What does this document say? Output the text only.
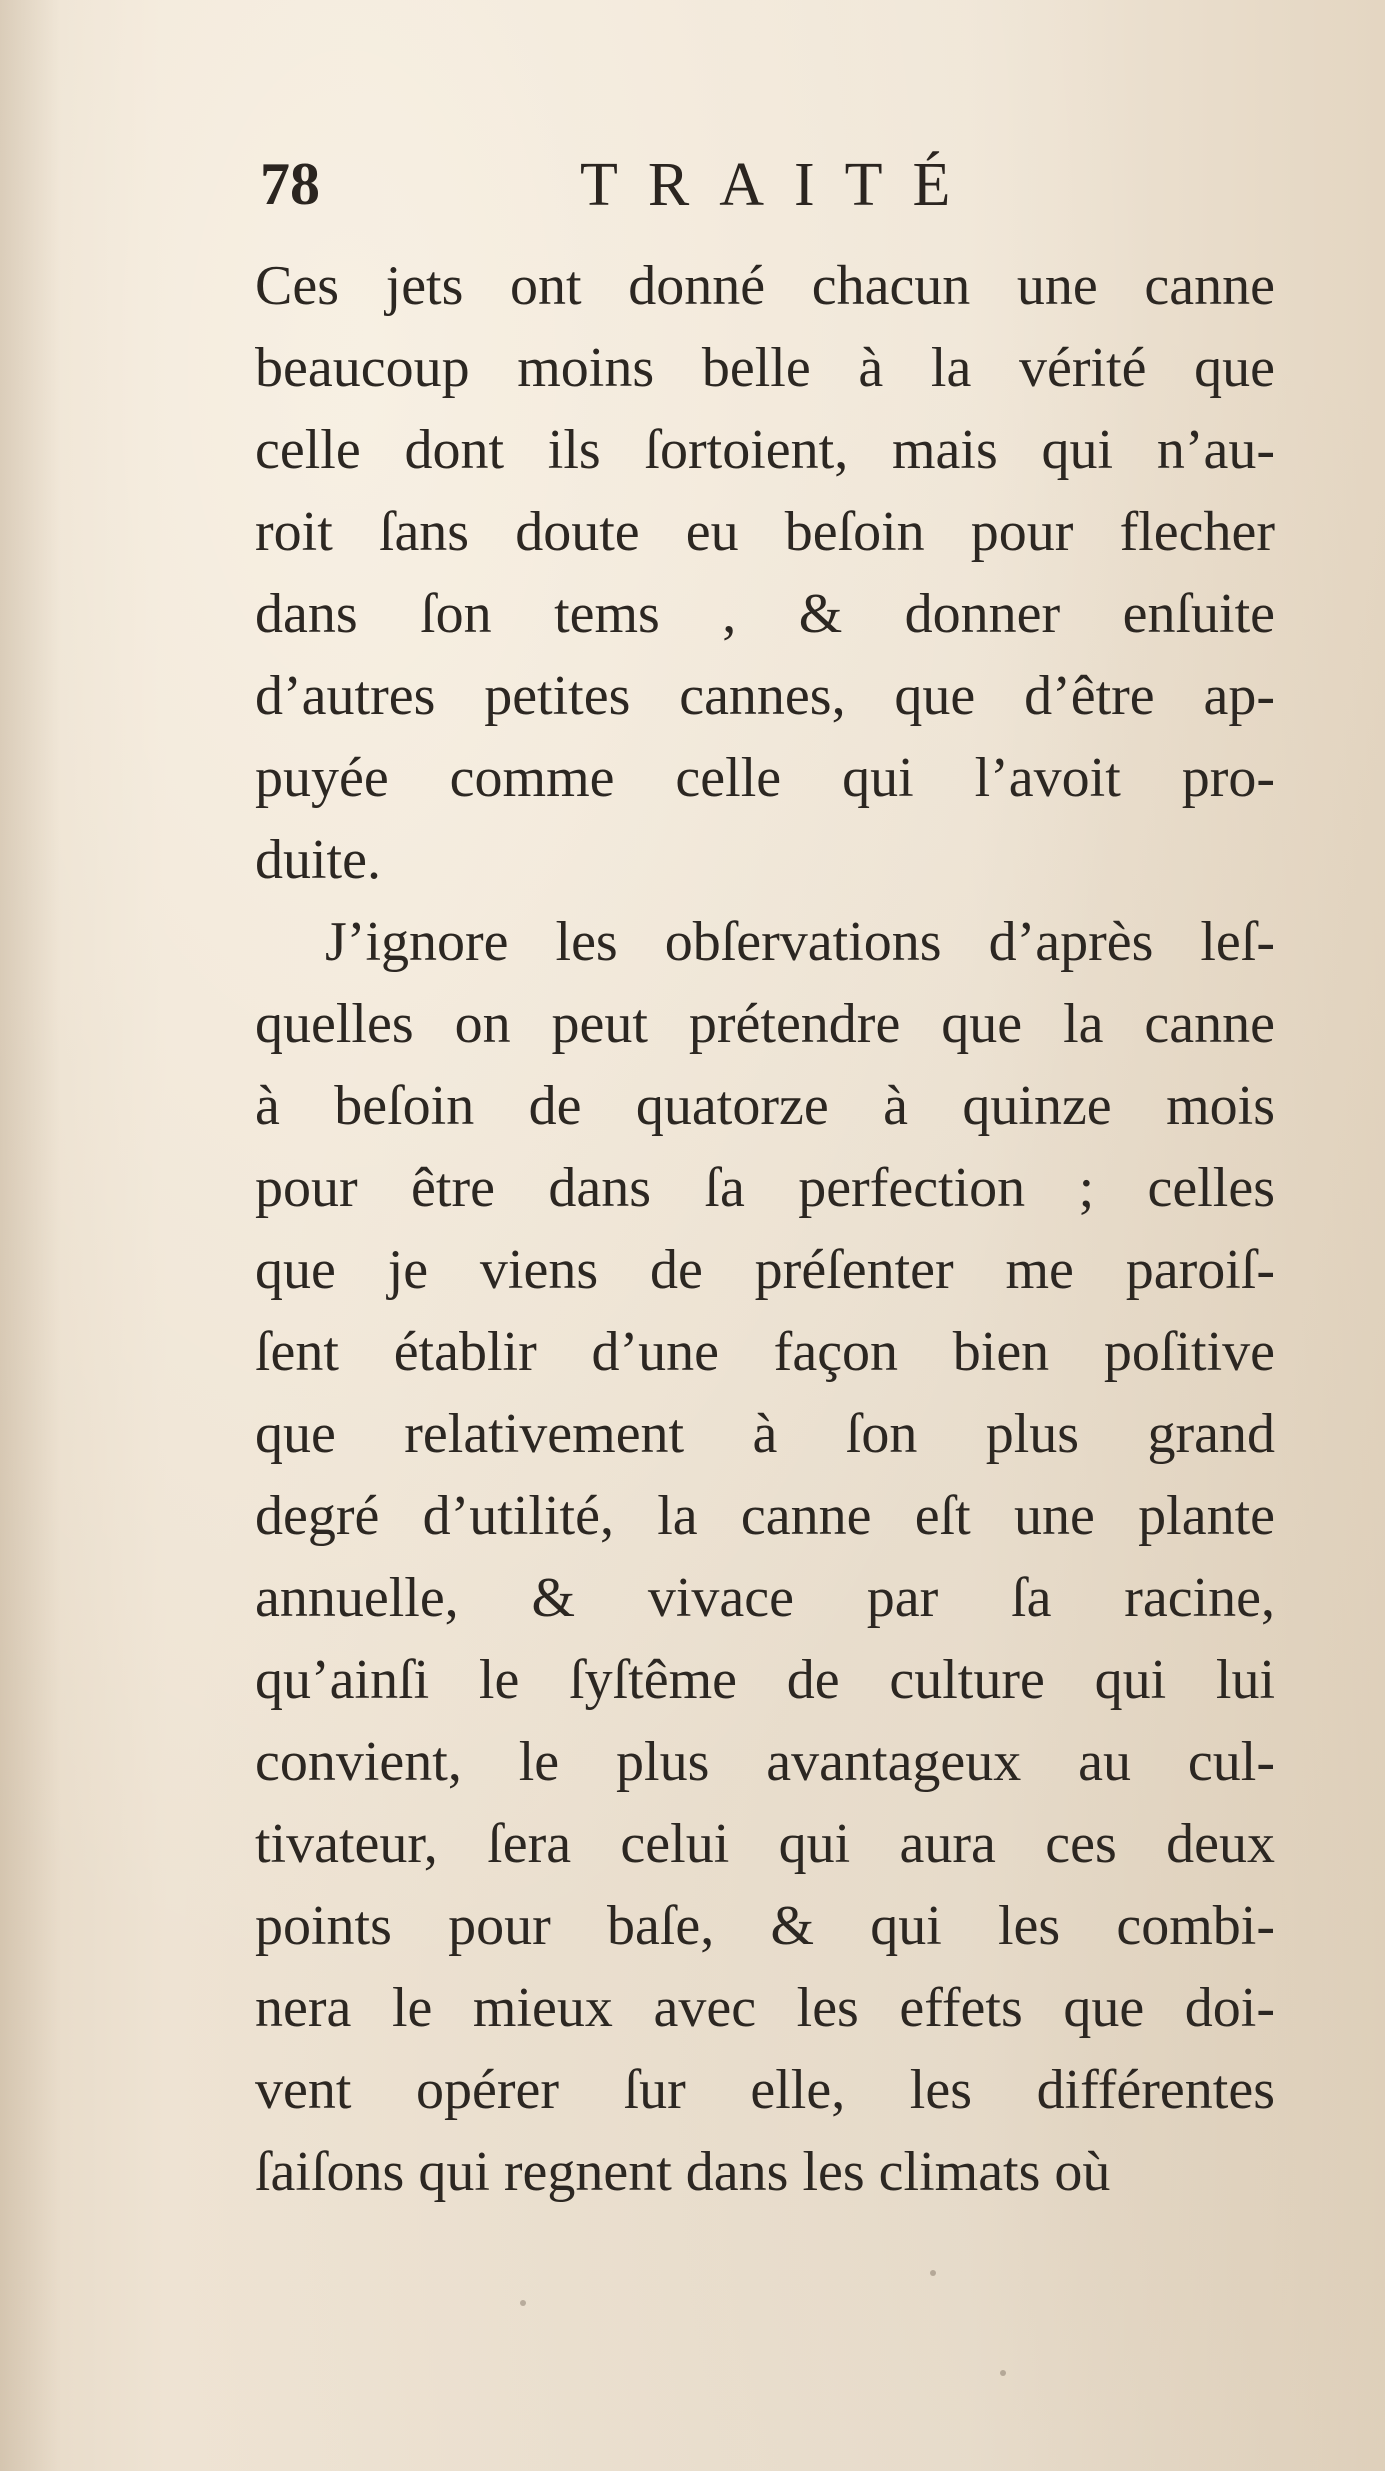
78	TRAITÉ
Ces jets ont donné chacun une canne
beaucoup moins belle à la vérité que
celle dont ils ſortoient, mais qui n’au-
roit ſans doute eu beſoin pour flecher
dans ſon tems , & donner enſuite
d’autres petites cannes, que d’être ap-
puyée comme celle qui l’avoit pro-
duite.
J’ignore les obſervations d’après leſ-
quelles on peut prétendre que la canne
à beſoin de quatorze à quinze mois
pour être dans ſa perfection ; celles
que je viens de préſenter me paroiſ-
ſent établir d’une façon bien poſitive
que relativement à ſon plus grand
degré d’utilité, la canne eſt une plante
annuelle, & vivace par ſa racine,
qu’ainſi le ſyſtême de culture qui lui
convient, le plus avantageux au cul-
tivateur, ſera celui qui aura ces deux
points pour baſe, & qui les combi-
nera le mieux avec les effets que doi-
vent opérer ſur elle, les différentes
ſaiſons qui regnent dans les climats où
